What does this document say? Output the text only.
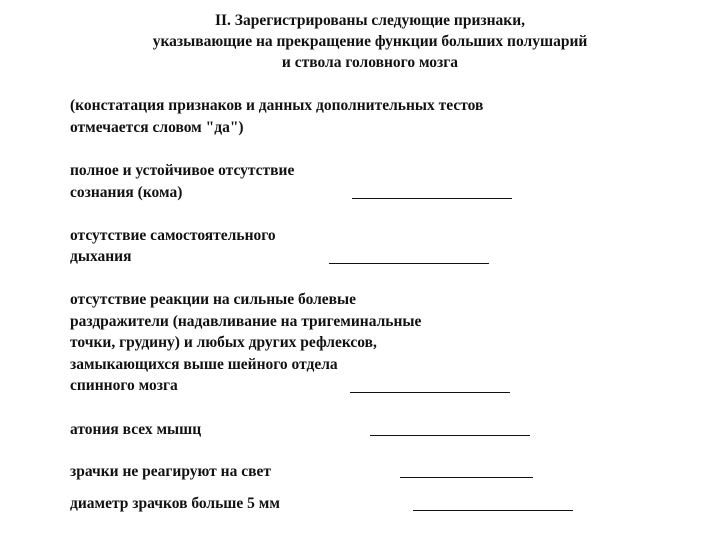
II. Зарегистрированы следующие признаки,
указывающие на прекращение функции больших полушарий
и ствола головного мозга
(констатация признаков и данных дополнительных тестов
отмечается словом "да")
полное и устойчивое отсутствие
сознания (кома)
отсутствие самостоятельного
дыхания
отсутствие реакции на сильные болевые
раздражители (надавливание на тригеминальные
точки, грудину) и любых других рефлексов,
замыкающихся выше шейного отдела
спинного мозга
атония всех мышц
зрачки не реагируют на свет
диаметр зрачков больше 5 мм
